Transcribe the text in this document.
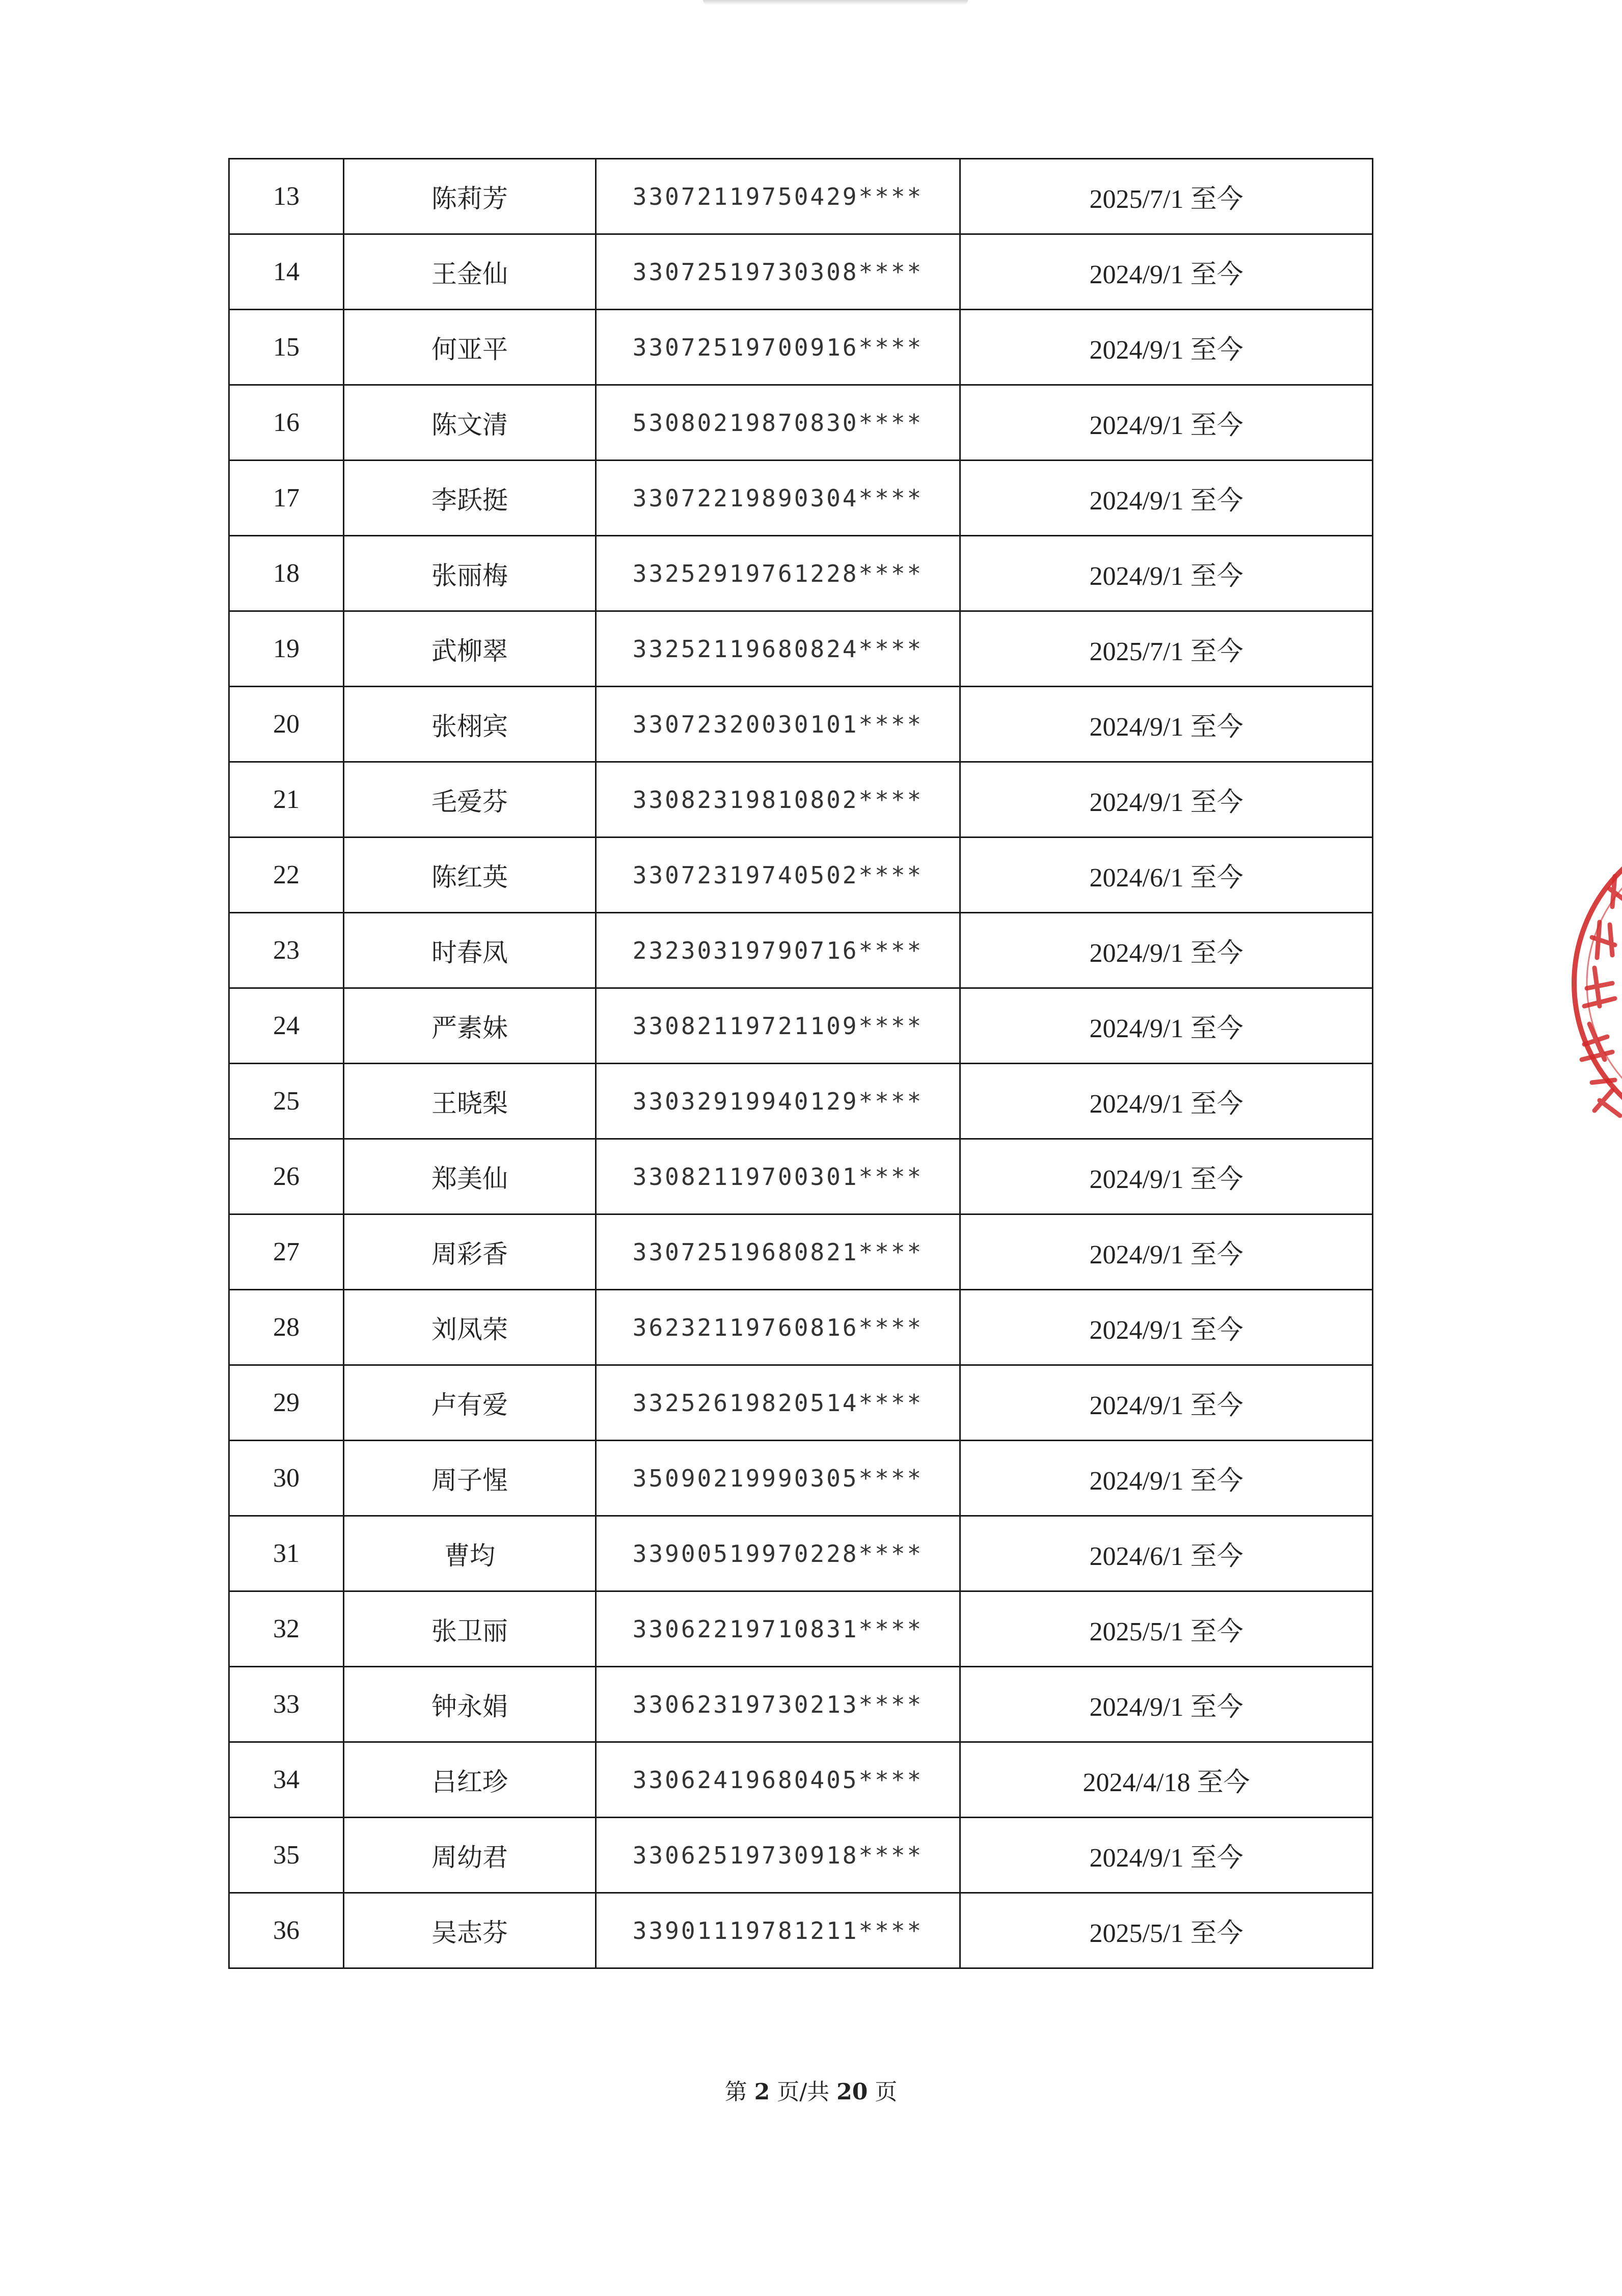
13	陈莉芳	33072119750429****	2025/7/1 至今
14	王金仙	33072519730308****	2024/9/1 至今
15	何亚平	33072519700916****	2024/9/1 至今
16	陈文清	53080219870830****	2024/9/1 至今
17	李跃挺	33072219890304****	2024/9/1 至今
18	张丽梅	33252919761228****	2024/9/1 至今
19	武柳翠	33252119680824****	2025/7/1 至今
20	张栩宾	33072320030101****	2024/9/1 至今
21	毛爱芬	33082319810802****	2024/9/1 至今
22	陈红英	33072319740502****	2024/6/1 至今
23	时春凤	23230319790716****	2024/9/1 至今
24	严素妹	33082119721109****	2024/9/1 至今
25	王晓梨	33032919940129****	2024/9/1 至今
26	郑美仙	33082119700301****	2024/9/1 至今
27	周彩香	33072519680821****	2024/9/1 至今
28	刘凤荣	36232119760816****	2024/9/1 至今
29	卢有爱	33252619820514****	2024/9/1 至今
30	周子惺	35090219990305****	2024/9/1 至今
31	曹均	33900519970228****	2024/6/1 至今
32	张卫丽	33062219710831****	2025/5/1 至今
33	钟永娟	33062319730213****	2024/9/1 至今
34	吕红珍	33062419680405****	2024/4/18 至今
35	周幼君	33062519730918****	2024/9/1 至今
36	吴志芬	33901119781211****	2025/5/1 至今
第 2 页/共 20 页
